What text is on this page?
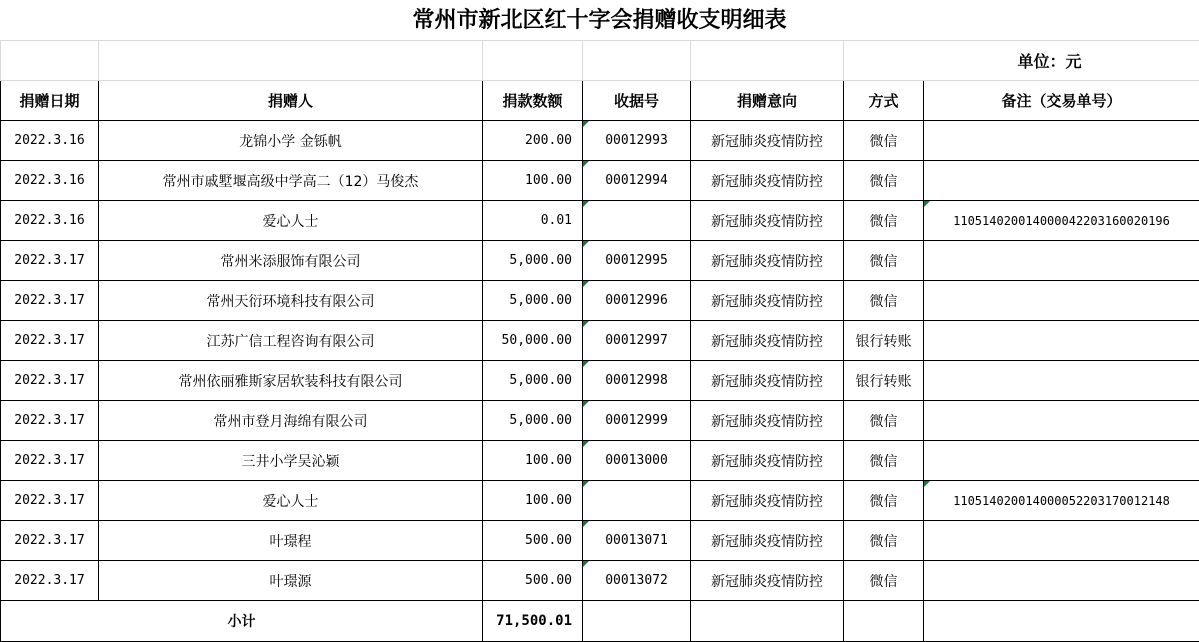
常州市新北区红十字会捐赠收支明细表
					单位：元	
捐赠日期	捐赠人	捐款数额	收据号	捐赠意向	方式	备注（交易单号）
2022.3.16	龙锦小学 金铄帆	200.00	00012993	新冠肺炎疫情防控	微信	
2022.3.16	常州市戚墅堰高级中学高二（12）马俊杰	100.00	00012994	新冠肺炎疫情防控	微信	
2022.3.16	爱心人士	0.01		新冠肺炎疫情防控	微信	110514020014000042203160020196
2022.3.17	常州米添服饰有限公司	5,000.00	00012995	新冠肺炎疫情防控	微信	
2022.3.17	常州天衍环境科技有限公司	5,000.00	00012996	新冠肺炎疫情防控	微信	
2022.3.17	江苏广信工程咨询有限公司	50,000.00	00012997	新冠肺炎疫情防控	银行转账	
2022.3.17	常州依丽雅斯家居软装科技有限公司	5,000.00	00012998	新冠肺炎疫情防控	银行转账	
2022.3.17	常州市登月海绵有限公司	5,000.00	00012999	新冠肺炎疫情防控	微信	
2022.3.17	三井小学吴沁颖	100.00	00013000	新冠肺炎疫情防控	微信	
2022.3.17	爱心人士	100.00		新冠肺炎疫情防控	微信	110514020014000052203170012148
2022.3.17	叶璟程	500.00	00013071	新冠肺炎疫情防控	微信	
2022.3.17	叶璟源	500.00	00013072	新冠肺炎疫情防控	微信	
小计		71,500.01				
